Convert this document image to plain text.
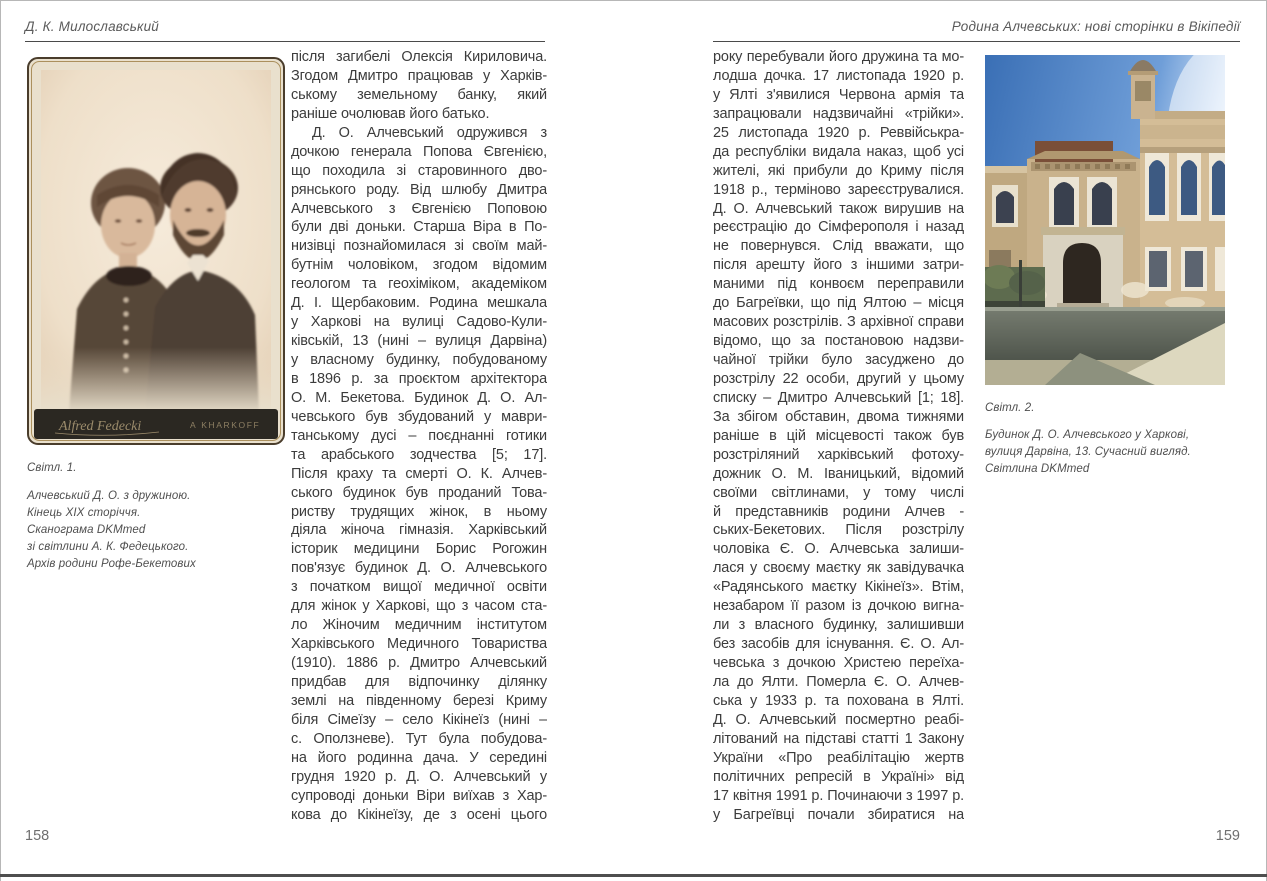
Д. К. Милославський	Родина Алчевських: нові сторінки в Вікіпедії
Alfred Fedecki	А KHARKOFF
Світл. 1.
Алчевський Д. О. з дружиною.
Кінець XIX сторіччя.
Сканограма DKMmed
зі світлини А. К. Федецького.
Архів родини Рофе-Бекетових
після загибелі Олексія Кириловича.
Згодом Дмитро працював у Харків-
ському земельному банку, який
раніше очолював його батько.
Д. О. Алчевський одружився з
дочкою генерала Попова Євгенією,
що походила зі старовинного дво-
рянського роду. Від шлюбу Дмитра
Алчевського з Євгенією Поповою
були дві доньки. Старша Віра в По-
низівці познайомилася зі своїм май-
бутнім чоловіком, згодом відомим
геологом та геохіміком, академіком
Д. І. Щербаковим. Родина мешкала
у Харкові на вулиці Садово-Кули-
ківській, 13 (нині – вулиця Дарвіна)
у власному будинку, побудованому
в 1896 р. за проєктом архітектора
О. М. Бекетова. Будинок Д. О. Ал-
чевського був збудований у маври-
танському дусі – поєднанні готики
та арабського зодчества [5; 17].
Після краху та смерті О. К. Алчев-
ського будинок був проданий Това-
риству трудящих жінок, в ньому
діяла жіноча гімназія. Харківський
історик медицини Борис Рогожин
пов'язує будинок Д. О. Алчевського
з початком вищої медичної освіти
для жінок у Харкові, що з часом ста-
ло Жіночим медичним інститутом
Харківського Медичного Товариства
(1910). 1886 р. Дмитро Алчевський
придбав для відпочинку ділянку
землі на південному березі Криму
біля Сімеїзу – село Кікінеїз (нині –
с. Оползневе). Тут була побудова-
на його родинна дача. У середині
грудня 1920 р. Д. О. Алчевський у
супроводі доньки Віри виїхав з Хар-
кова до Кікінеїзу, де з осені цього
року перебували його дружина та мо-
лодша дочка. 17 листопада 1920 р.
у Ялті з'явилися Червона армія та
запрацювали надзвичайні «трійки».
25 листопада 1920 р. Реввійськра-
да республіки видала наказ, щоб усі
жителі, які прибули до Криму після
1918 р., терміново зареєструвалися.
Д. О. Алчевський також вирушив на
реєстрацію до Сімферополя і назад
не повернувся. Слід вважати, що
після арешту його з іншими затри-
маними під конвоєм переправили
до Багреївки, що під Ялтою – місця
масових розстрілів. З архівної справи
відомо, що за постановою надзви-
чайної трійки було засуджено до
розстрілу 22 особи, другий у цьому
списку – Дмитро Алчевський [1; 18].
За збігом обставин, двома тижнями
раніше в цій місцевості також був
розстріляний харківський фотоху-
дожник О. М. Іваницький, відомий
своїми світлинами, у тому числі
й представників родини Алчев -
ських-Бекетових. Після розстрілу
чоловіка Є. О. Алчевська залиши-
лася у своєму маєтку як завідувачка
«Радянського маєтку Кікінеїз». Втім,
незабаром її разом із дочкою вигна-
ли з власного будинку, залишивши
без засобів для існування. Є. О. Ал-
чевська з дочкою Христею переїха-
ла до Ялти. Померла Є. О. Алчев-
ська у 1933 р. та похована в Ялті.
Д. О. Алчевський посмертно реабі-
літований на підставі статті 1 Закону
України «Про реабілітацію жертв
політичних репресій в Україні» від
17 квітня 1991 р. Починаючи з 1997 р.
у Багреївці почали збиратися на
Світл. 2.
Будинок Д. О. Алчевського у Харкові,
вулиця Дарвіна, 13. Сучасний вигляд.
Світлина DKMmed
158	159
